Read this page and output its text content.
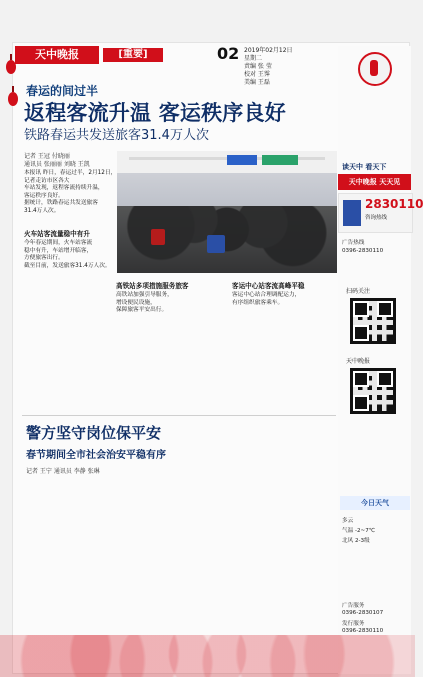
天中晚报	[重要]	02 2019年02月12日
星期二
责编 张 莹
校对 王霁
美编 王磊
春运的间过半
返程客流升温 客运秩序良好
铁路春运共发送旅客31.4万人次
记者 王冠 付晓丽
通讯员 张丽丽 刘晓 王凯
本报讯 昨日，春运过半，2月12日，记者走访市区各大
车站发现，返程客流持续升温，
客运秩序良好。
据统计，铁路春运共发送旅客
31.4万人次。
火车站客流量稳中有升
今年春运期间，火车站客流
稳中有升，车站增开临客，
方便旅客出行。
截至目前，发送旅客31.4万人次。
高铁站多项措施服务旅客
高铁站加强引导服务，
增设便民设施，
保障旅客平安出行。
客运中心站客流高峰平稳
客运中心站合理调配运力，
有序组织旅客乘车。
警方坚守岗位保平安
春节期间全市社会治安平稳有序
记者 王宁 通讯员 李静 张琳
读天中 看天下
天中晚报 天天见
2830110
咨询热线
广告热线
0396-2830110
扫码关注
天中晚报
今日天气
多云
气温 -2~7℃
北风 2-3级
广告服务
0396-2830107
发行服务
0396-2830110
